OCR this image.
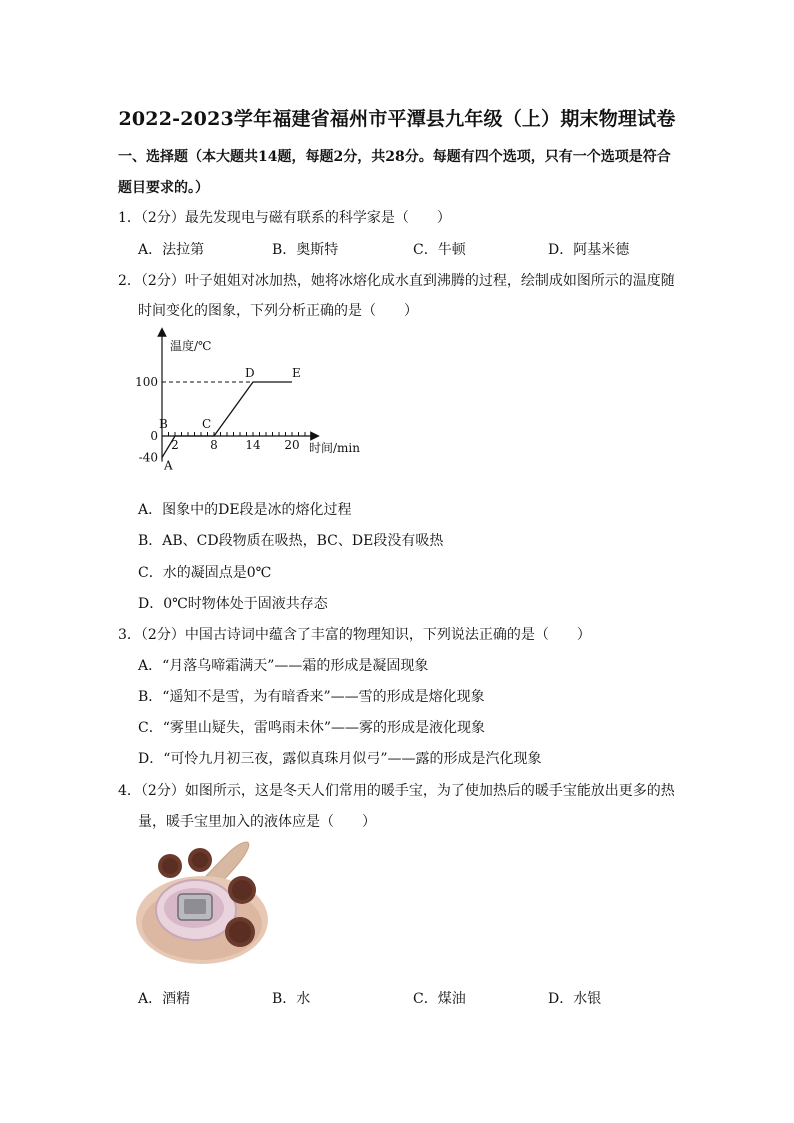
2022-2023学年福建省福州市平潭县九年级（上）期末物理试卷
一、选择题（本大题共14题，每题2分，共28分。每题有四个选项，只有一个选项是符合题目要求的。）
1．（2分）最先发现电与磁有联系的科学家是（　　）
A．法拉第	B．奥斯特	C．牛顿	D．阿基米德
2．（2分）叶子姐姐对冰加热，她将冰熔化成水直到沸腾的过程，绘制成如图所示的温度随
时间变化的图象，下列分析正确的是（　　）
温度/℃
时间/min
2	8 14 20
100
0
-40
A
B	C
D	E
A．图象中的DE段是冰的熔化过程
B．AB、CD段物质在吸热，BC、DE段没有吸热
C．水的凝固点是0℃
D．0℃时物体处于固液共存态
3．（2分）中国古诗词中蕴含了丰富的物理知识，下列说法正确的是（　　）
A．“月落乌啼霜满天”——霜的形成是凝固现象
B．“遥知不是雪，为有暗香来”——雪的形成是熔化现象
C．“雾里山疑失，雷鸣雨未休”——雾的形成是液化现象
D．“可怜九月初三夜，露似真珠月似弓”——露的形成是汽化现象
4．（2分）如图所示，这是冬天人们常用的暖手宝，为了使加热后的暖手宝能放出更多的热
量，暖手宝里加入的液体应是（　　）
A．酒精	B．水	C．煤油	D．水银
